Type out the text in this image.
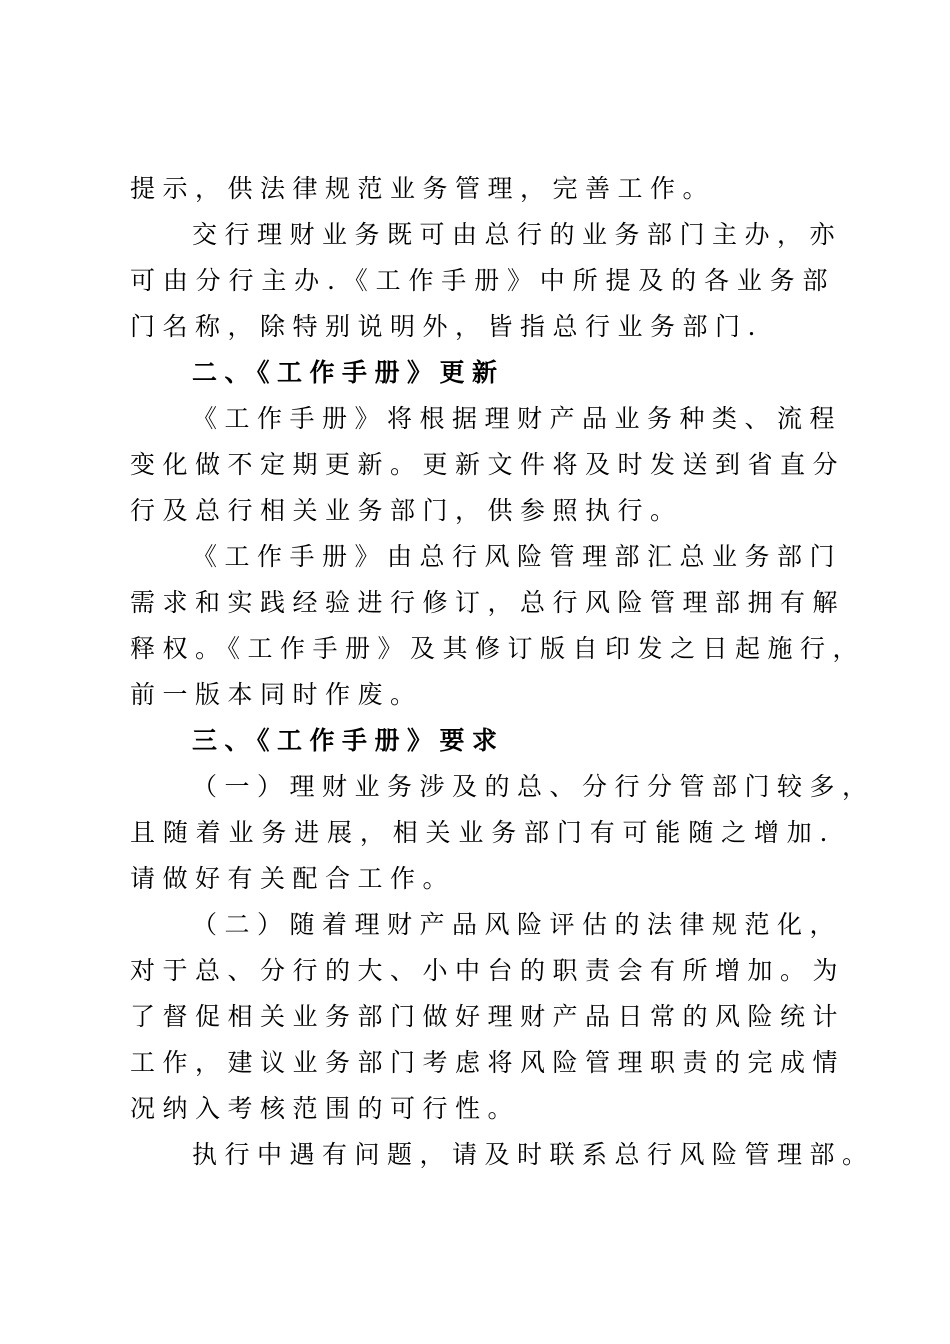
提示，供法律规范业务管理，完善工作。
交行理财业务既可由总行的业务部门主办，亦
可由分行主办.《工作手册》中所提及的各业务部
门名称，除特别说明外，皆指总行业务部门.
二、《工作手册》更新
《工作手册》将根据理财产品业务种类、流程
变化做不定期更新。更新文件将及时发送到省直分
行及总行相关业务部门，供参照执行。
《工作手册》由总行风险管理部汇总业务部门
需求和实践经验进行修订，总行风险管理部拥有解
释权。《工作手册》及其修订版自印发之日起施行，
前一版本同时作废。
三、《工作手册》要求
（一）理财业务涉及的总、分行分管部门较多，
且随着业务进展，相关业务部门有可能随之增加.
请做好有关配合工作。
（二）随着理财产品风险评估的法律规范化，
对于总、分行的大、小中台的职责会有所增加。为
了督促相关业务部门做好理财产品日常的风险统计
工作，建议业务部门考虑将风险管理职责的完成情
况纳入考核范围的可行性。
执行中遇有问题，请及时联系总行风险管理部。
